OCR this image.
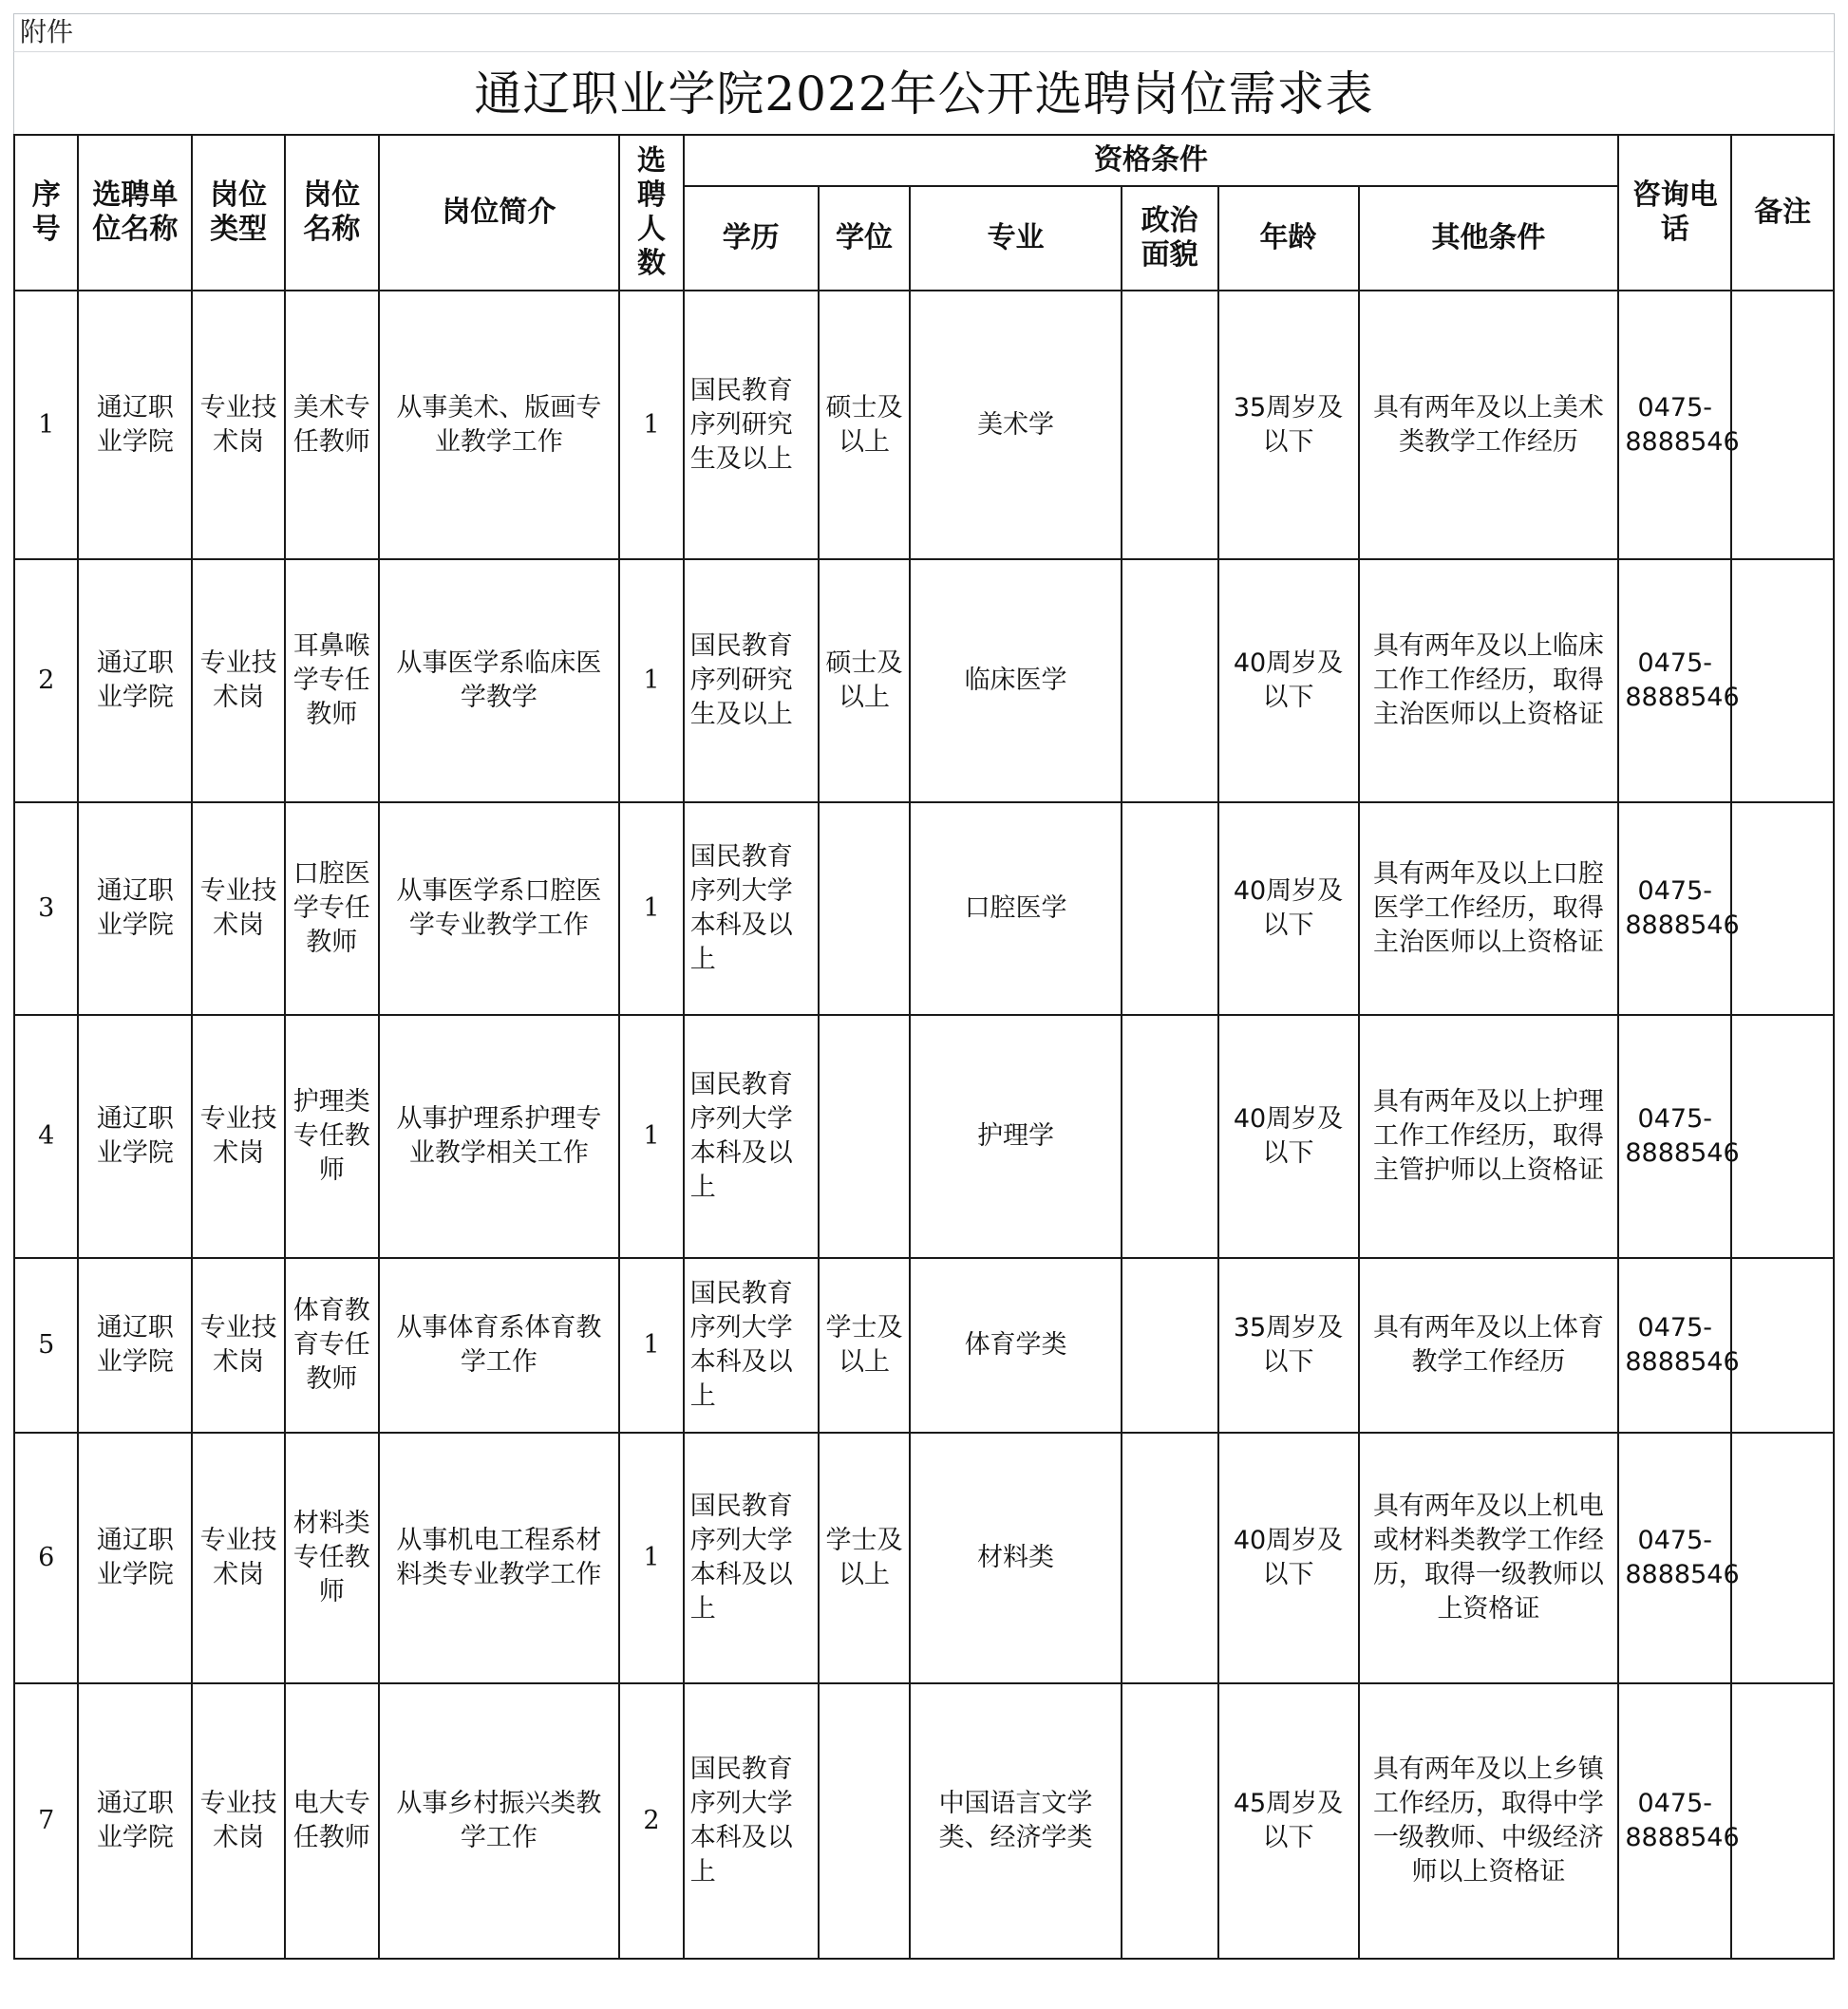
附件
通辽职业学院2022年公开选聘岗位需求表
序号	选聘单位名称	岗位类型	岗位名称	岗位简介	选聘人数	资格条件						咨询电话	备注
						学历	学位	专业	政治面貌	年龄	其他条件		
1	通辽职业学院	专业技术岗	美术专任教师	从事美术、版画专业教学工作	1	国民教育序列研究生及以上	硕士及以上	美术学		35周岁及以下	具有两年及以上美术类教学工作经历	0475-8888546	
2	通辽职业学院	专业技术岗	耳鼻喉学专任教师	从事医学系临床医学教学	1	国民教育序列研究生及以上	硕士及以上	临床医学		40周岁及以下	具有两年及以上临床工作工作经历，取得主治医师以上资格证	0475-8888546	
3	通辽职业学院	专业技术岗	口腔医学专任教师	从事医学系口腔医学专业教学工作	1	国民教育序列大学本科及以上		口腔医学		40周岁及以下	具有两年及以上口腔医学工作经历，取得主治医师以上资格证	0475-8888546	
4	通辽职业学院	专业技术岗	护理类专任教师	从事护理系护理专业教学相关工作	1	国民教育序列大学本科及以上		护理学		40周岁及以下	具有两年及以上护理工作工作经历，取得主管护师以上资格证	0475-8888546	
5	通辽职业学院	专业技术岗	体育教育专任教师	从事体育系体育教学工作	1	国民教育序列大学本科及以上	学士及以上	体育学类		35周岁及以下	具有两年及以上体育教学工作经历	0475-8888546	
6	通辽职业学院	专业技术岗	材料类专任教师	从事机电工程系材料类专业教学工作	1	国民教育序列大学本科及以上	学士及以上	材料类		40周岁及以下	具有两年及以上机电或材料类教学工作经历，取得一级教师以上资格证	0475-8888546	
7	通辽职业学院	专业技术岗	电大专任教师	从事乡村振兴类教学工作	2	国民教育序列大学本科及以上		中国语言文学类、经济学类		45周岁及以下	具有两年及以上乡镇工作经历，取得中学一级教师、中级经济师以上资格证	0475-8888546	
